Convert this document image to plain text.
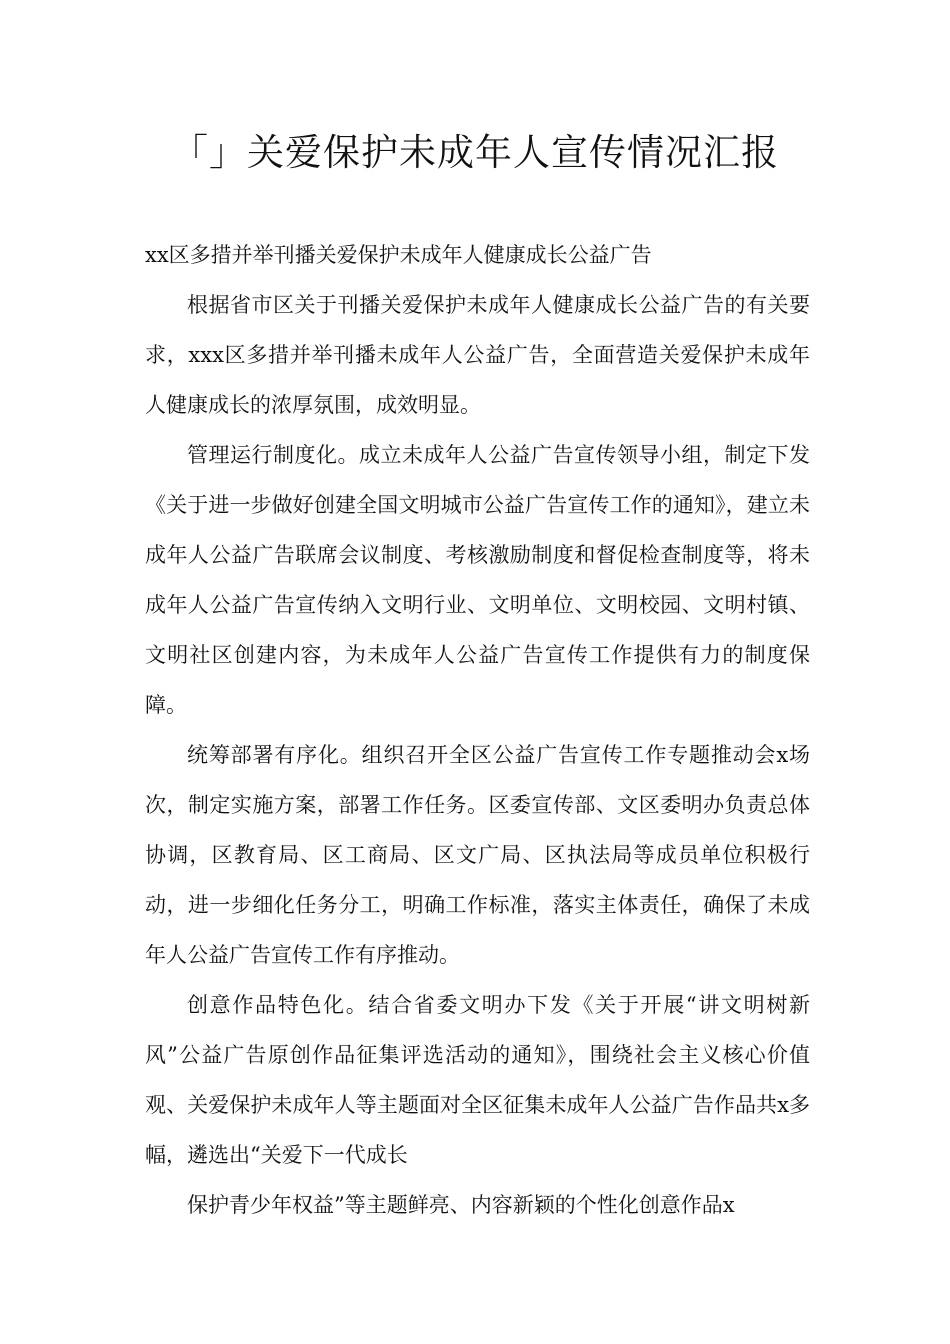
「」关爱保护未成年人宣传情况汇报

xx区多措并举刊播关爱保护未成年人健康成长公益广告

根据省市区关于刊播关爱保护未成年人健康成长公益广告的有关要求，xxx区多措并举刊播未成年人公益广告，全面营造关爱保护未成年人健康成长的浓厚氛围，成效明显。

管理运行制度化。成立未成年人公益广告宣传领导小组，制定下发《关于进一步做好创建全国文明城市公益广告宣传工作的通知》，建立未成年人公益广告联席会议制度、考核激励制度和督促检查制度等，将未成年人公益广告宣传纳入文明行业、文明单位、文明校园、文明村镇、文明社区创建内容，为未成年人公益广告宣传工作提供有力的制度保障。

统筹部署有序化。组织召开全区公益广告宣传工作专题推动会x场次，制定实施方案，部署工作任务。区委宣传部、文区委明办负责总体协调，区教育局、区工商局、区文广局、区执法局等成员单位积极行动，进一步细化任务分工，明确工作标准，落实主体责任，确保了未成年人公益广告宣传工作有序推动。

创意作品特色化。结合省委文明办下发《关于开展“讲文明树新风”公益广告原创作品征集评选活动的通知》，围绕社会主义核心价值观、关爱保护未成年人等主题面对全区征集未成年人公益广告作品共x多幅，遴选出“关爱下一代成长

保护青少年权益”等主题鲜亮、内容新颖的个性化创意作品x
